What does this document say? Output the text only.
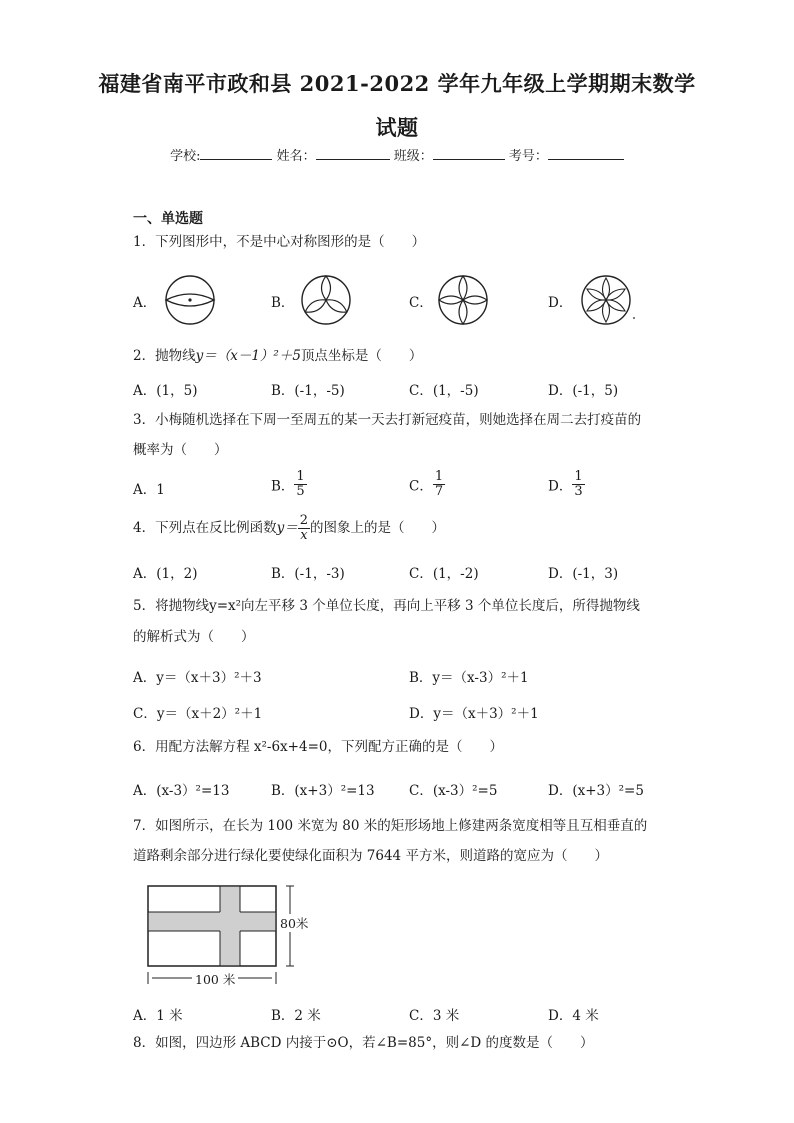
福建省南平市政和县 2021-2022 学年九年级上学期期末数学
试题
学校:	姓名：	班级：	考号：
一、单选题
1．下列图形中，不是中心对称图形的是（　　）
A．	B．	C．	D．
2．抛物线y＝（x－1）²＋5顶点坐标是（　　）
A．(1，5)	B．(-1，-5)	C．(1，-5)	D．(-1，5)
3．小梅随机选择在下周一至周五的某一天去打新冠疫苗，则她选择在周二去打疫苗的
概率为（　　）
A．1	B． $\frac{1}{5}$	C． $\frac{1}{7}$	D． $\frac{1}{3}$
4．下列点在反比例函数$y= \frac{2}{x}$ 的图象上的是（　　）
A．(1，2)	B．(-1，-3)	C．(1，-2)	D．(-1，3)
5．将抛物线y=x²向左平移 3 个单位长度，再向上平移 3 个单位长度后，所得抛物线
的解析式为（　　）
A．y＝（x＋3）²＋3	B．y＝（x-3）²＋1
C．y＝（x＋2）²＋1	D．y＝（x＋3）²＋1
6．用配方法解方程 x²-6x+4=0，下列配方正确的是（　　）
A．(x-3）²=13	B．(x+3）²=13	C．(x-3）²=5	D．(x+3）²=5
7．如图所示，在长为 100 米宽为 80 米的矩形场地上修建两条宽度相等且互相垂直的
道路剩余部分进行绿化要使绿化面积为 7644 平方米，则道路的宽应为（　　）
80米
100 米
A．1 米	B．2 米	C．3 米	D．4 米
8．如图，四边形 ABCD 内接于⊙O，若∠B=85°，则∠D 的度数是（　　）
